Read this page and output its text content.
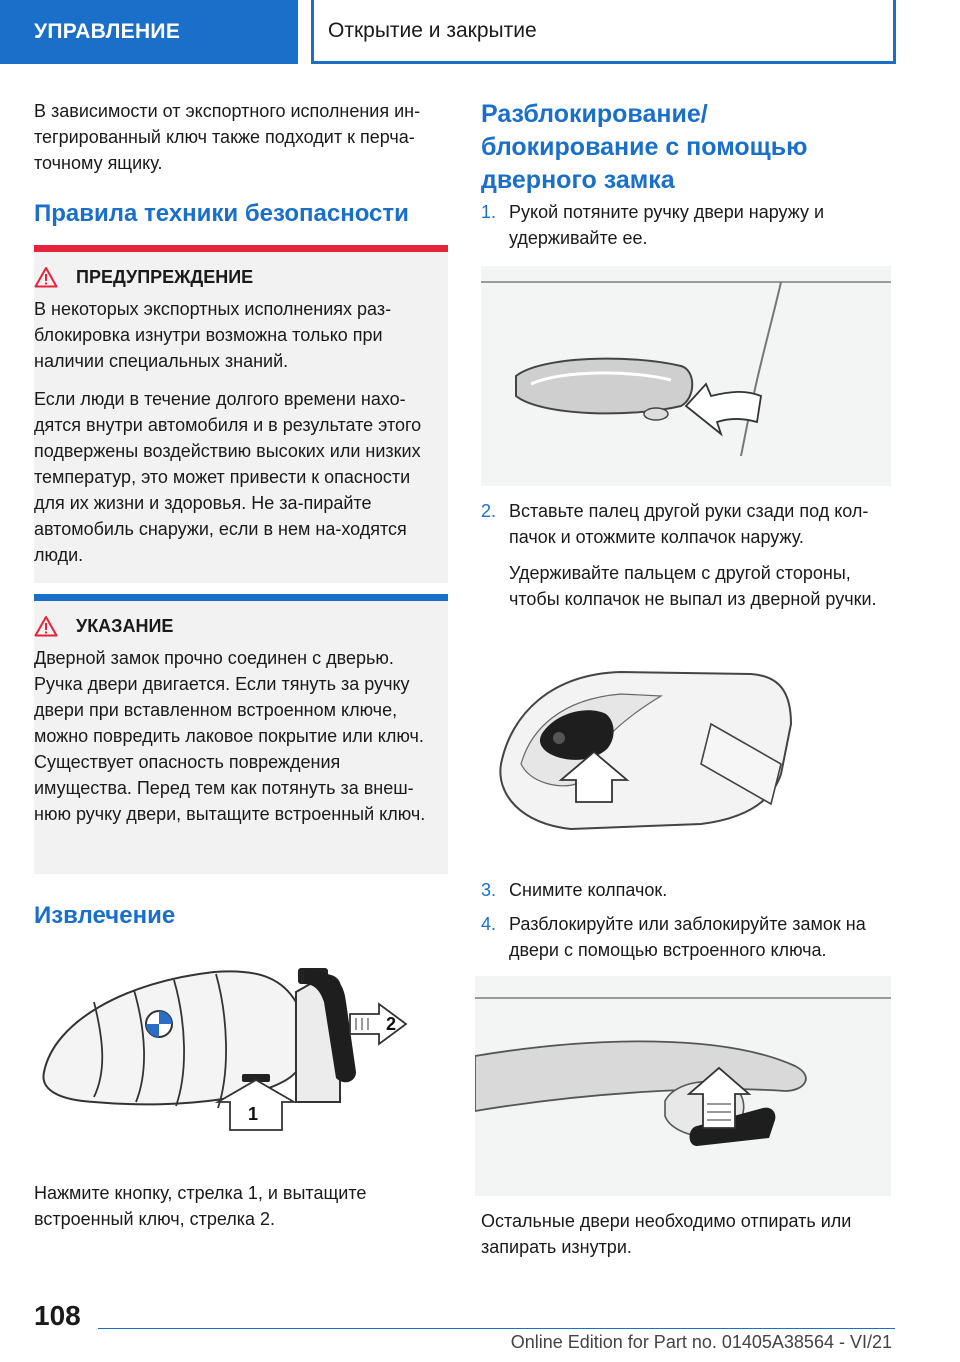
УПРАВЛЕНИЕ	Открытие и закрытие

В зависимости от экспортного исполнения ин-тегрированный ключ также подходит к перча-точному ящику.

Правила техники безопасности
ПРЕДУПРЕЖДЕНИЕ

В некоторых экспортных исполнениях раз-блокировка изнутри возможна только при наличии специальных знаний.

Если люди в течение долгого времени нахо-дятся внутри автомобиля и в результате этого подвержены воздействию высоких или низких температур, это может привести к опасности для их жизни и здоровья. Не за-пирайте автомобиль снаружи, если в нем на-ходятся люди.

УКАЗАНИЕ

Дверной замок прочно соединен с дверью. Ручка двери двигается. Если тянуть за ручку двери при вставленном встроенном ключе, можно повредить лаковое покрытие или ключ. Существует опасность повреждения имущества. Перед тем как потянуть за внеш-нюю ручку двери, вытащите встроенный ключ.

Извлечение
2
1

Нажмите кнопку, стрелка 1, и вытащите встроенный ключ, стрелка 2.

Разблокирование/ блокирование с помощью дверного замка
1. Рукой потяните ручку двери наружу и удерживайте ее.
2. Вставьте палец другой руки сзади под кол-пачок и отожмите колпачок наружу.
Удерживайте пальцем с другой стороны, чтобы колпачок не выпал из дверной ручки.
3. Снимите колпачок.
4. Разблокируйте или заблокируйте замок на двери с помощью встроенного ключа.

Остальные двери необходимо отпирать или запирать изнутри.

108
Online Edition for Part no. 01405A38564 - VI/21
